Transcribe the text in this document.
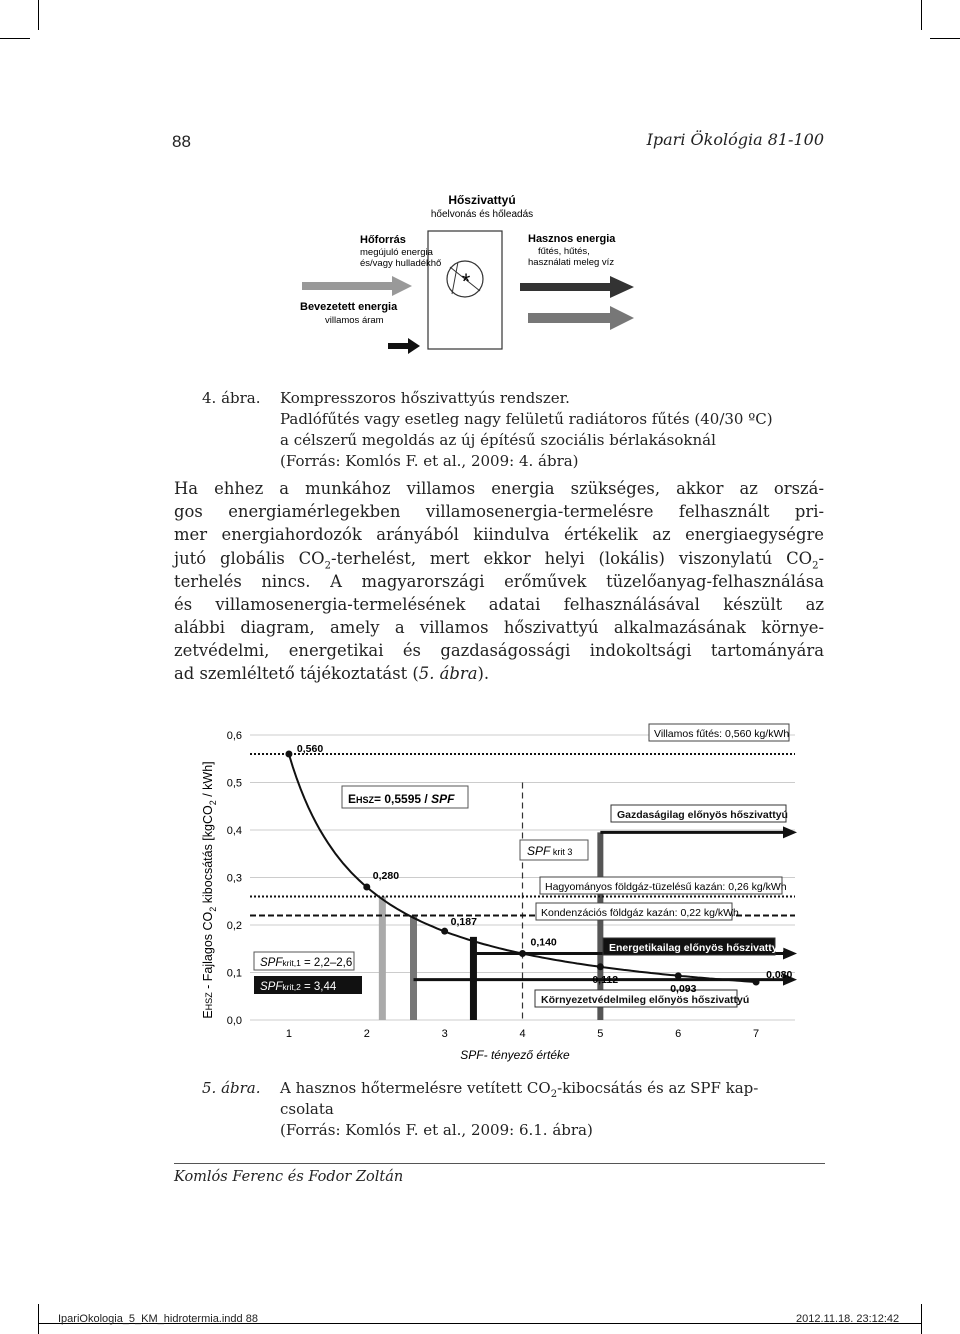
88	Ipari Ökológia 81-100
Hőszivattyú
hőelvonás és hőleadás
*
Hőforrás
megújuló energia
és/vagy hulladékhő
Hasznos energia
fűtés, hűtés,
használati meleg víz
Bevezetett energia
villamos áram
4. ábra. Kompresszoros hőszivattyús rendszer.
Padlófűtés vagy esetleg nagy felületű radiátoros fűtés (40/30 ºC)
a célszerű megoldás az új építésű szociális bérlakásoknál
(Forrás: Komlós F. et al., 2009: 4. ábra)
Ha ehhez a munkához villamos energia szükséges, akkor az orszá-
gos energiamérlegekben villamosenergia-termelésre felhasznált pri-
mer energiahordozók arányából kiindulva értékelik az energiaegységre
jutó globális $CO_2$-terhelést, mert ekkor helyi (lokális) viszonylatú $CO_2-$
terhelés nincs. A magyarországi erőművek tüzelőanyag-felhasználása
és villamosenergia-termelésének adatai felhasználásával készült az
alábbi diagram, amely a villamos hőszivattyú alkalmazásának környe-
zetvédelmi, energetikai és gazdaságossági indokoltsági tartományára
ad szemléltető tájékoztatást (5. ábra).
EHSZ - Fajlagos $CO_2$ kibocsátás [kgCO$_2$ / kWh]
0,0
0,1
0,2
0,3
0,4
0,5
0,6
1	2	3	4	5	6	7
Villamos fűtés: 0,560 kg/kWh
Hagyományos földgáz-tüzelésű kazán: 0,26 kg/kWh
Kondenzációs földgáz kazán: 0,22 kg/kWh
Gazdaságilag előnyös hőszivattyú
Energetikailag előnyös hőszivattyú
Környezetvédelmileg előnyös hőszivattyú
0,560
0,280
0,187
0,140
0,112
0,093
0,080
EHSZ= 0,5595 / SPF
SPF krit 3
SPFkrit,1 = 2,2–2,6
SPFkrit,2 = 3,44
SPF- tényező értéke
5. ábra. A hasznos hőtermelésre vetített $CO_2$-kibocsátás és az SPF kap-
csolata
(Forrás: Komlós F. et al., 2009: 6.1. ábra)
Komlós Ferenc és Fodor Zoltán
IpariOkologia_5_KM_hidrotermia.indd 88	2012.11.18. 23:12:42
